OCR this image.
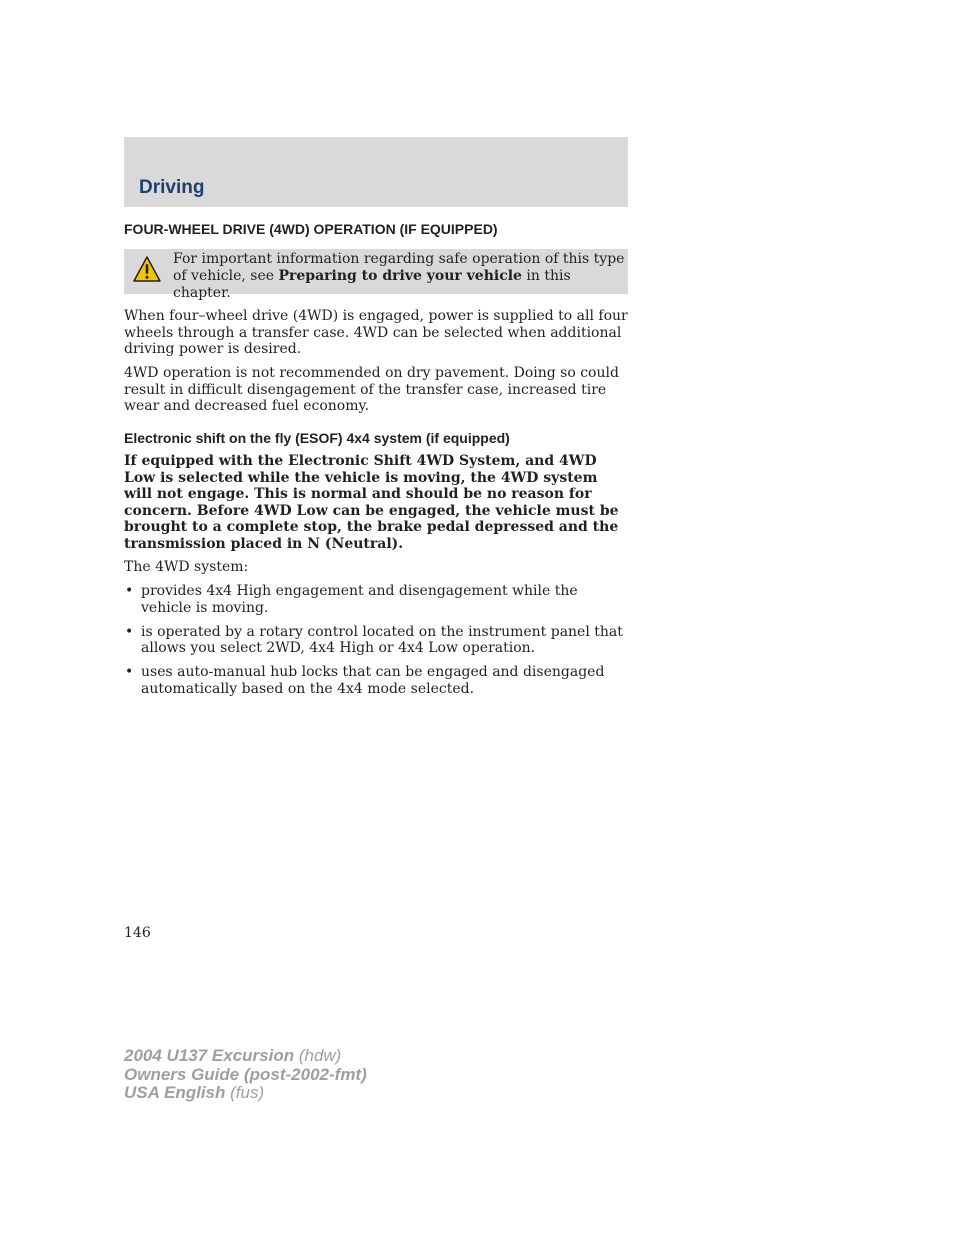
Driving
FOUR-WHEEL DRIVE (4WD) OPERATION (IF EQUIPPED)
For important information regarding safe operation of this type of vehicle, see Preparing to drive your vehicle in this chapter.
When four–wheel drive (4WD) is engaged, power is supplied to all four wheels through a transfer case. 4WD can be selected when additional driving power is desired.
4WD operation is not recommended on dry pavement. Doing so could result in difficult disengagement of the transfer case, increased tire wear and decreased fuel economy.
Electronic shift on the fly (ESOF) 4x4 system (if equipped)
If equipped with the Electronic Shift 4WD System, and 4WD Low is selected while the vehicle is moving, the 4WD system will not engage. This is normal and should be no reason for concern. Before 4WD Low can be engaged, the vehicle must be brought to a complete stop, the brake pedal depressed and the transmission placed in N (Neutral).
The 4WD system:
• provides 4x4 High engagement and disengagement while the vehicle is moving.
• is operated by a rotary control located on the instrument panel that allows you select 2WD, 4x4 High or 4x4 Low operation.
• uses auto-manual hub locks that can be engaged and disengaged automatically based on the 4x4 mode selected.
146
2004 U137 Excursion (hdw)
Owners Guide (post-2002-fmt)
USA English (fus)
